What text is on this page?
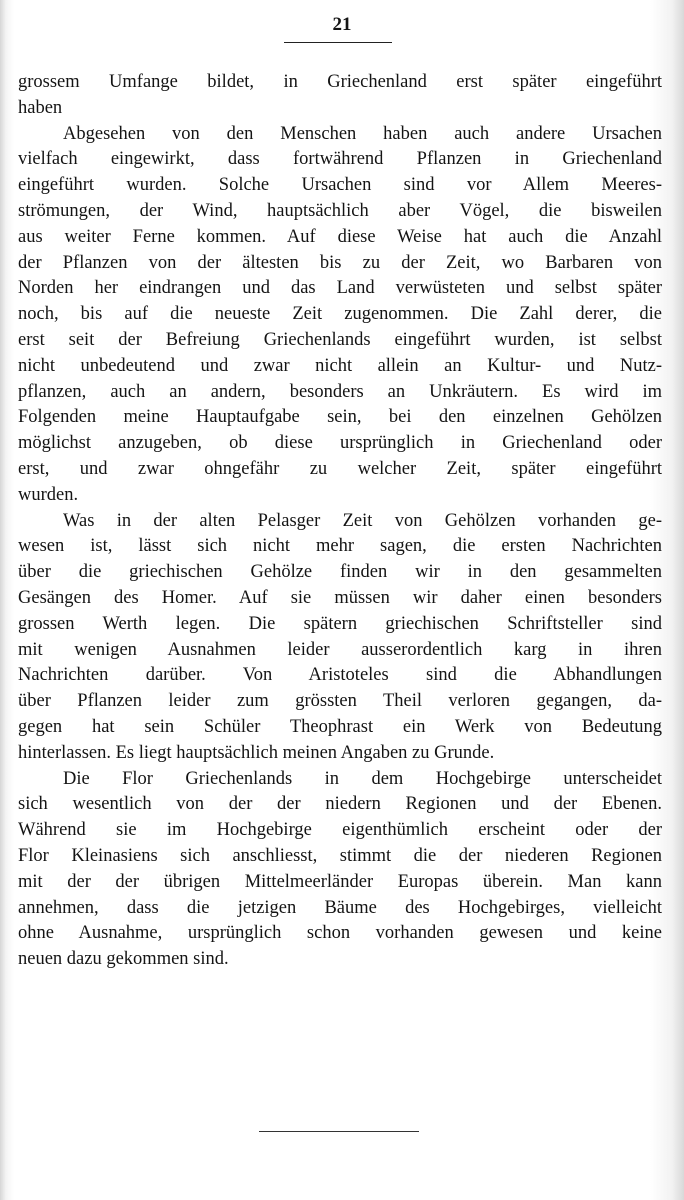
21
grossem Umfange bildet, in Griechenland erst später eingeführt
haben
Abgesehen von den Menschen haben auch andere Ursachen
vielfach eingewirkt, dass fortwährend Pflanzen in Griechenland
eingeführt wurden. Solche Ursachen sind vor Allem Meeres-
strömungen, der Wind, hauptsächlich aber Vögel, die bisweilen
aus weiter Ferne kommen. Auf diese Weise hat auch die Anzahl
der Pflanzen von der ältesten bis zu der Zeit, wo Barbaren von
Norden her eindrangen und das Land verwüsteten und selbst später
noch, bis auf die neueste Zeit zugenommen. Die Zahl derer, die
erst seit der Befreiung Griechenlands eingeführt wurden, ist selbst
nicht unbedeutend und zwar nicht allein an Kultur- und Nutz-
pflanzen, auch an andern, besonders an Unkräutern. Es wird im
Folgenden meine Hauptaufgabe sein, bei den einzelnen Gehölzen
möglichst anzugeben, ob diese ursprünglich in Griechenland oder
erst, und zwar ohngefähr zu welcher Zeit, später eingeführt
wurden.
Was in der alten Pelasger Zeit von Gehölzen vorhanden ge-
wesen ist, lässt sich nicht mehr sagen, die ersten Nachrichten
über die griechischen Gehölze finden wir in den gesammelten
Gesängen des Homer. Auf sie müssen wir daher einen besonders
grossen Werth legen. Die spätern griechischen Schriftsteller sind
mit wenigen Ausnahmen leider ausserordentlich karg in ihren
Nachrichten darüber. Von Aristoteles sind die Abhandlungen
über Pflanzen leider zum grössten Theil verloren gegangen, da-
gegen hat sein Schüler Theophrast ein Werk von Bedeutung
hinterlassen. Es liegt hauptsächlich meinen Angaben zu Grunde.
Die Flor Griechenlands in dem Hochgebirge unterscheidet
sich wesentlich von der der niedern Regionen und der Ebenen.
Während sie im Hochgebirge eigenthümlich erscheint oder der
Flor Kleinasiens sich anschliesst, stimmt die der niederen Regionen
mit der der übrigen Mittelmeerländer Europas überein. Man kann
annehmen, dass die jetzigen Bäume des Hochgebirges, vielleicht
ohne Ausnahme, ursprünglich schon vorhanden gewesen und keine
neuen dazu gekommen sind.
